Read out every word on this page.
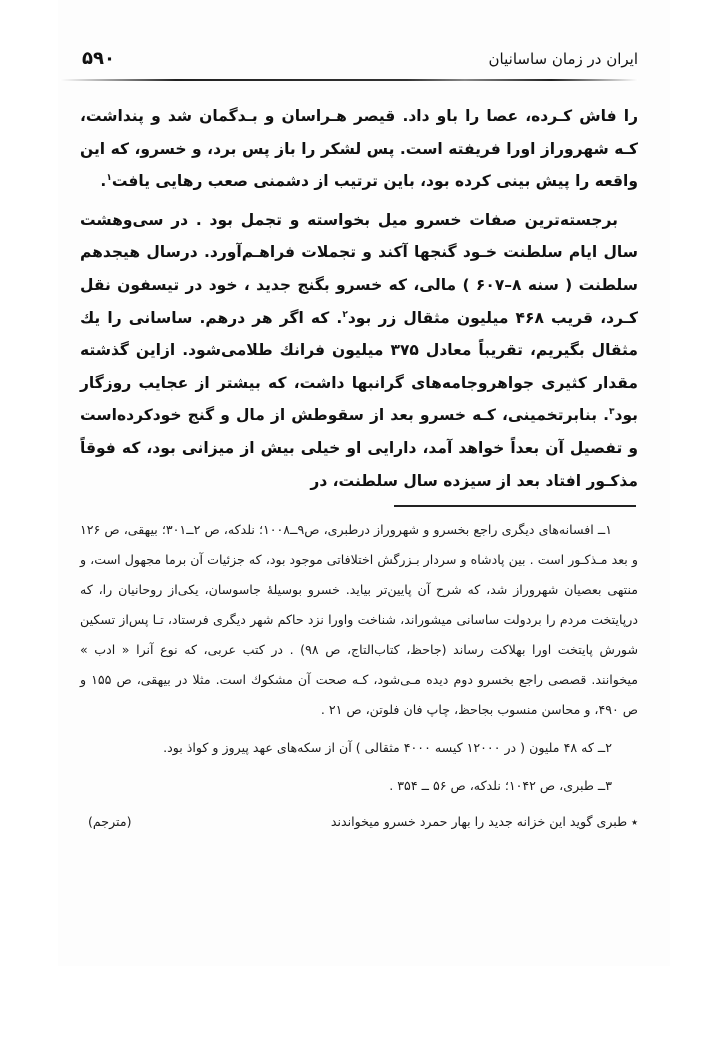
۵۹۰	ایران در زمان ساسانیان

را فاش کـرده، عصا را باو داد. قیصر هـراسان و بـدگمان شد و پنداشت، کـه شهروراز اورا فریفته است. پس لشکر را باز پس برد، و خسرو، که این واقعه را پیش بینی کرده بود، باین ترتیب از دشمنی صعب رهایی یافت$^۱$.

برجسته‌ترین صفات خسرو میل بخواسته و تجمل بود . در سی‌وهشت سال ایام سلطنت خـود گنجها آکند و تجملات فراهـم‌آورد. درسال هیجدهم سلطنت ( سنه ۸–۶۰۷ ) مالی، که خسرو بگنج جدید ، خود در تیسفون نقل کـرد، قریب ۴۶۸ میلیون مثقال زر بود$^۲$. که اگر هر درهم. ساسانی را یك مثقال بگیریم، تقریباً معادل ۳۷۵ میلیون فرانك طلامی‌شود. ازاین گذشته مقدار کثیری جواهروجامه‌های گرانبها داشت، که بیشتر از عجایب روزگار بود$^۳$. بنابرتخمینی، کـه خسرو بعد از سقوطش از مال و گنج خودکرده‌است و تفصیل آن بعداً خواهد آمد، دارایی او خیلی بیش از میزانی بود، که فوقاً مذکـور افتاد بعد از سیزده سال سلطنت، در

۱ــ افسانه‌های دیگری راجع بخسرو و شهروراز درطبری، ص۹ــ۱۰۰۸؛ نلدکه، ص ۲ــ۳۰۱؛ بیهقی، ص ۱۲۶ و بعد مـذکـور است . بین پادشاه و سردار بـزرگش اختلافاتی موجود بود، که جزئیات آن برما مجهول است، و منتهی بعصیان شهروراز شد، که شرح آن پایین‌تر بیاید. خسرو بوسیلهٔ جاسوسان، یکی‌از روحانیان را، که درپایتخت مردم را بردولت ساسانی میشوراند، شناخت واورا نزد حاکم شهر دیگری فرستاد، تـا پس‌از تسکین شورش پایتخت اورا بهلاکت رساند (جاحظ، کتاب‌التاج، ص ۹۸) . در کتب عربی، که نوع آنرا « ادب » میخوانند. قصصی راجع بخسرو دوم دیده مـی‌شود، کـه صحت آن مشکوك است. مثلا در بیهقی، ص ۱۵۵ و ص ۴۹۰، و محاسن منسوب بجاحظ، چاپ فان فلوتن، ص ۲۱ .

۲ــ که ۴۸ ملیون ( در ۱۲۰۰۰ کیسه ۴۰۰۰ مثقالی ) آن از سکه‌های عهد پیروز و کواذ بود.

۳ــ طبری، ص ۱۰۴۲؛ نلدکه، ص ۵۶ ــ ۳۵۴ .

٭ طبری گوید این خزانه جدید را بهار حمرد خسرو میخواندند
(مترجم)
